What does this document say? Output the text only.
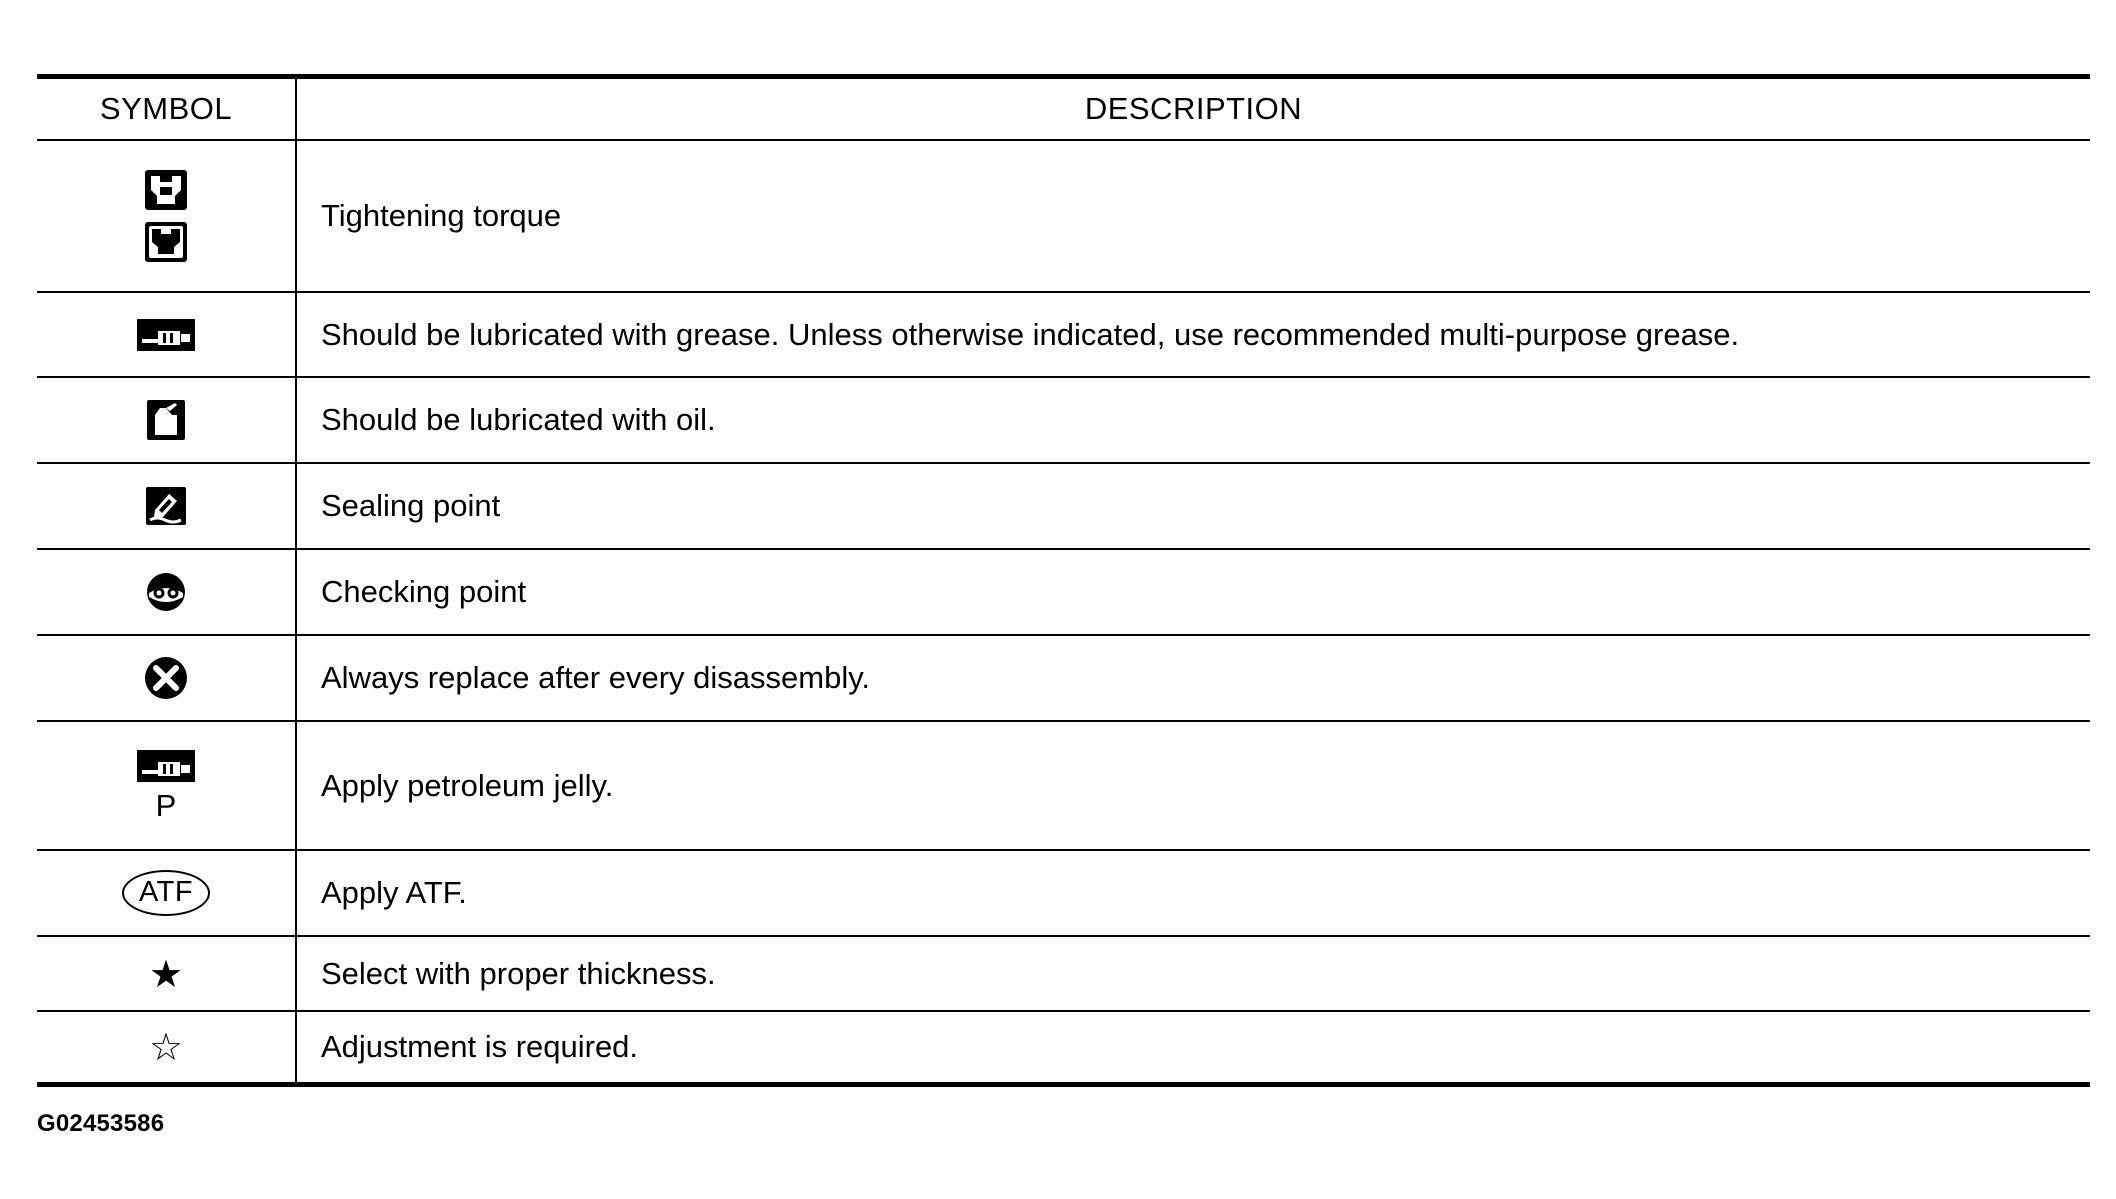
SYMBOL	DESCRIPTION

	Tightening torque

	Should be lubricated with grease. Unless otherwise indicated, use recommended multi-purpose grease.

	Should be lubricated with oil.

	Sealing point

	Checking point

	Always replace after every disassembly.

P	Apply petroleum jelly.

ATF	Apply ATF.

★	Select with proper thickness.

☆	Adjustment is required.
G02453586
